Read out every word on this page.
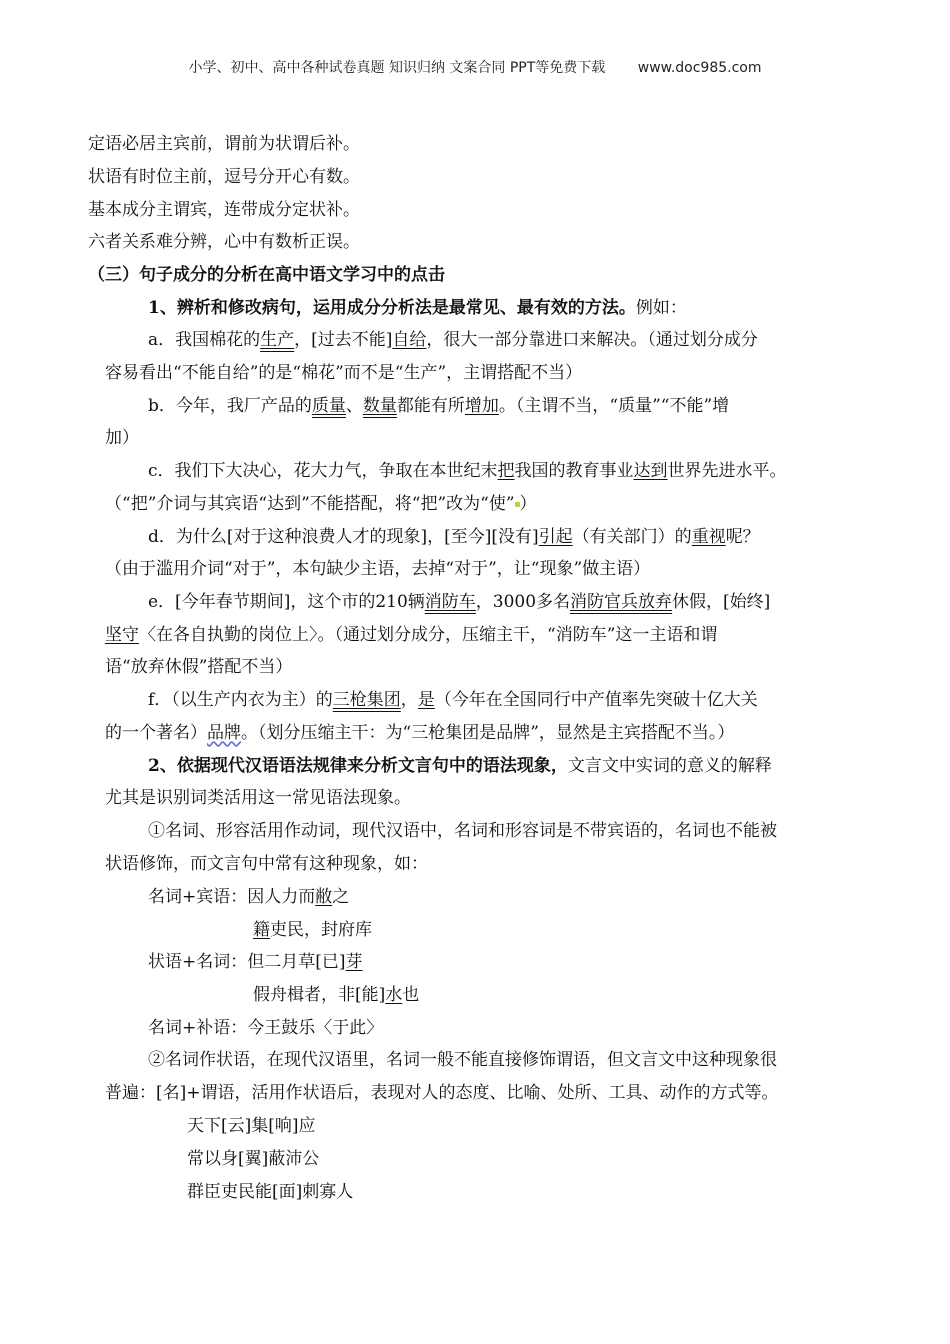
小学、初中、高中各种试卷真题 知识归纳 文案合同 PPT等免费下载 www.doc985.com
定语必居主宾前，谓前为状谓后补。
状语有时位主前，逗号分开心有数。
基本成分主谓宾，连带成分定状补。
六者关系难分辨，心中有数析正误。
（三）句子成分的分析在高中语文学习中的点击
1、辨析和修改病句，运用成分分析法是最常见、最有效的方法。例如：
a．我国棉花的生产，[过去不能]自给，很大一部分靠进口来解决。（通过划分成分
容易看出“不能自给”的是“棉花”而不是“生产”，主谓搭配不当）
b．今年，我厂产品的质量、数量都能有所增加。（主谓不当，“质量”“不能”增
加）
c．我们下大决心，花大力气，争取在本世纪末把我国的教育事业达到世界先进水平。
（“把”介词与其宾语“达到”不能搭配，将“把”改为“使” ）
d．为什么[对于这种浪费人才的现象]，[至今][没有]引起（有关部门）的重视呢？
（由于滥用介词“对于”，本句缺少主语，去掉“对于”，让“现象”做主语）
e．[今年春节期间]，这个市的210辆消防车，3000多名消防官兵放弃休假，[始终]
坚守〈在各自执勤的岗位上〉。（通过划分成分，压缩主干，“消防车”这一主语和谓
语“放弃休假”搭配不当）
f．（以生产内衣为主）的三枪集团，是（今年在全国同行中产值率先突破十亿大关
的一个著名）品牌。（划分压缩主干：为“三枪集团是品牌”，显然是主宾搭配不当。）
2、依据现代汉语语法规律来分析文言句中的语法现象，文言文中实词的意义的解释
尤其是识别词类活用这一常见语法现象。
①名词、形容活用作动词，现代汉语中，名词和形容词是不带宾语的，名词也不能被
状语修饰，而文言句中常有这种现象，如：
名词+宾语：因人力而敝之
籍吏民，封府库
状语+名词：但二月草[已]芽
假舟楫者，非[能]水也
名词+补语：今王鼓乐〈于此〉
②名词作状语，在现代汉语里，名词一般不能直接修饰谓语，但文言文中这种现象很
普遍：[名]+谓语，活用作状语后，表现对人的态度、比喻、处所、工具、动作的方式等。
天下[云]集[响]应
常以身[翼]蔽沛公
群臣吏民能[面]刺寡人
